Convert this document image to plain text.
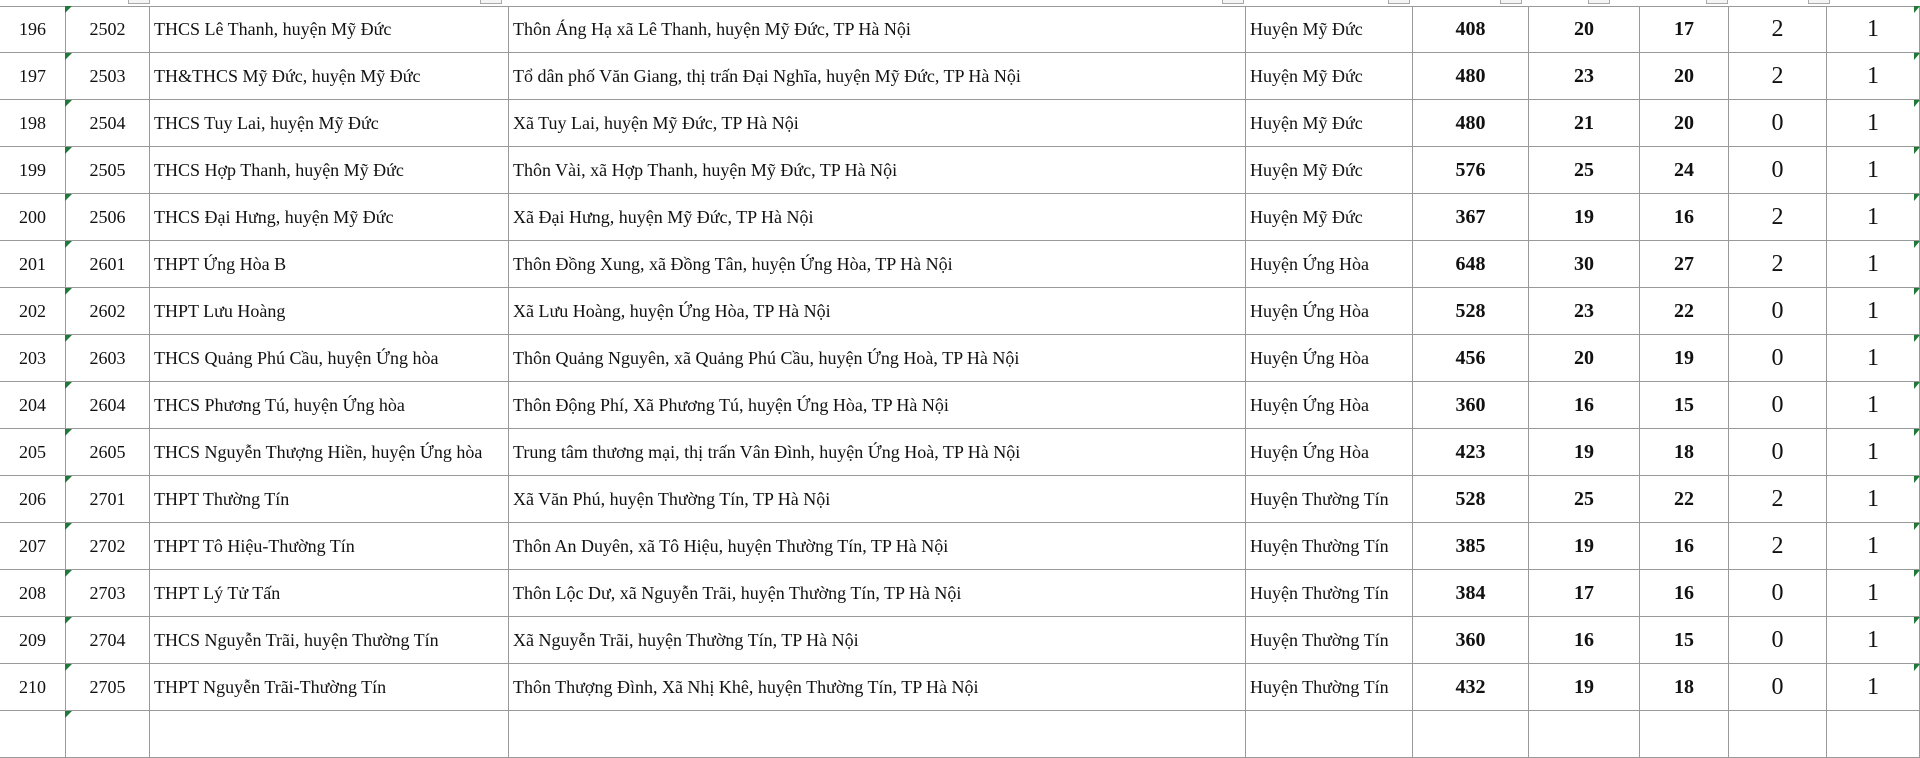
196	2502	THCS Lê Thanh, huyện Mỹ Đức	Thôn Áng Hạ xã Lê Thanh, huyện Mỹ Đức, TP Hà Nội	Huyện Mỹ Đức	408	20	17	2	1
197	2503	TH&THCS Mỹ Đức, huyện Mỹ Đức	Tổ dân phố Văn Giang, thị trấn Đại Nghĩa, huyện Mỹ Đức, TP Hà Nội	Huyện Mỹ Đức	480	23	20	2	1
198	2504	THCS Tuy Lai, huyện Mỹ Đức	Xã Tuy Lai, huyện Mỹ Đức, TP Hà Nội	Huyện Mỹ Đức	480	21	20	0	1
199	2505	THCS Hợp Thanh, huyện Mỹ Đức	Thôn Vài, xã Hợp Thanh, huyện Mỹ Đức, TP Hà Nội	Huyện Mỹ Đức	576	25	24	0	1
200	2506	THCS Đại Hưng, huyện Mỹ Đức	Xã Đại Hưng, huyện Mỹ Đức, TP Hà Nội	Huyện Mỹ Đức	367	19	16	2	1
201	2601	THPT Ứng Hòa B	Thôn Đồng Xung, xã Đồng Tân, huyện Ứng Hòa, TP Hà Nội	Huyện Ứng Hòa	648	30	27	2	1
202	2602	THPT Lưu Hoàng	Xã Lưu Hoàng, huyện Ứng Hòa, TP Hà Nội	Huyện Ứng Hòa	528	23	22	0	1
203	2603	THCS Quảng Phú Cầu, huyện Ứng hòa	Thôn Quảng Nguyên, xã Quảng Phú Cầu, huyện Ứng Hoà, TP Hà Nội	Huyện Ứng Hòa	456	20	19	0	1
204	2604	THCS Phương Tú, huyện Ứng hòa	Thôn Động Phí, Xã Phương Tú, huyện Ứng Hòa, TP Hà Nội	Huyện Ứng Hòa	360	16	15	0	1
205	2605	THCS Nguyễn Thượng Hiền, huyện Ứng hòa	Trung tâm thương mại, thị trấn Vân Đình, huyện Ứng Hoà, TP Hà Nội	Huyện Ứng Hòa	423	19	18	0	1
206	2701	THPT Thường Tín	Xã Văn Phú, huyện Thường Tín, TP Hà Nội	Huyện Thường Tín	528	25	22	2	1
207	2702	THPT Tô Hiệu-Thường Tín	Thôn An Duyên, xã Tô Hiệu, huyện Thường Tín, TP Hà Nội	Huyện Thường Tín	385	19	16	2	1
208	2703	THPT Lý Tử Tấn	Thôn Lộc Dư, xã Nguyễn Trãi, huyện Thường Tín, TP Hà Nội	Huyện Thường Tín	384	17	16	0	1
209	2704	THCS Nguyễn Trãi, huyện Thường Tín	Xã Nguyễn Trãi, huyện Thường Tín, TP Hà Nội	Huyện Thường Tín	360	16	15	0	1
210	2705	THPT Nguyễn Trãi-Thường Tín	Thôn Thượng Đình, Xã Nhị Khê, huyện Thường Tín, TP Hà Nội	Huyện Thường Tín	432	19	18	0	1
